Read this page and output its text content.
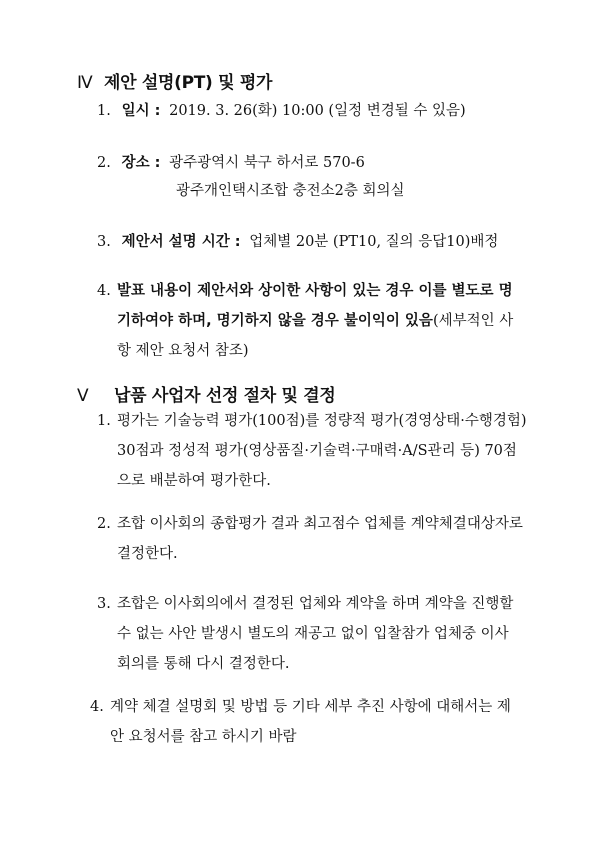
Ⅳ 제안 설명(PT) 및 평가
1. 일시 : 2019. 3. 26(화) 10:00 (일정 변경될 수 있음)
2. 장소 : 광주광역시 북구 하서로 570-6
광주개인택시조합 충전소2층 회의실
3. 제안서 설명 시간 : 업체별 20분 (PT10, 질의 응답10)배정
4. 발표 내용이 제안서와 상이한 사항이 있는 경우 이를 별도로 명
기하여야 하며, 명기하지 않을 경우 불이익이 있음(세부적인 사
항 제안 요청서 참조)
Ⅴ 납품 사업자 선정 절차 및 결정
1. 평가는 기술능력 평가(100점)를 정량적 평가(경영상태·수행경험)
30점과 정성적 평가(영상품질·기술력·구매력·A/S관리 등) 70점
으로 배분하여 평가한다.
2. 조합 이사회의 종합평가 결과 최고점수 업체를 계약체결대상자로
결정한다.
3. 조합은 이사회의에서 결정된 업체와 계약을 하며 계약을 진행할
수 없는 사안 발생시 별도의 재공고 없이 입찰참가 업체중 이사
회의를 통해 다시 결정한다.
4. 계약 체결 설명회 및 방법 등 기타 세부 추진 사항에 대해서는 제
안 요청서를 참고 하시기 바람
